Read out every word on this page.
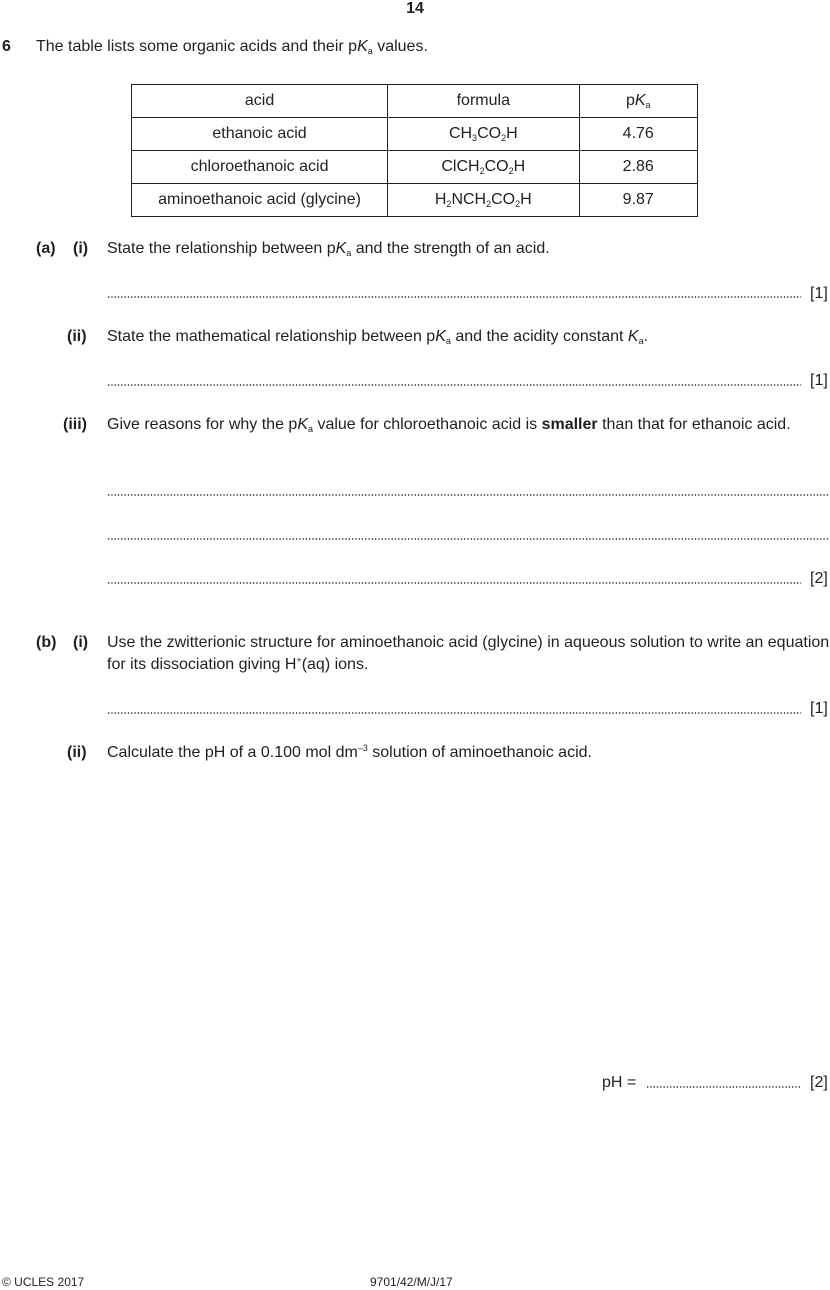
14
6 The table lists some organic acids and their $pK_a$ values.
acid	formula	$pK_a$
ethanoic acid	$CH_3CO_2H$	4.76
chloroethanoic acid	$ClCH_2CO_2H$	2.86
aminoethanoic acid (glycine)	$H_2NCH_2CO_2H$	9.87
(a) (i) State the relationship between $pK_a$ and the strength of an acid.
[1]
(ii) State the mathematical relationship between $pK_a$ and the acidity constant $K_a$.
[1]
(iii) Give reasons for why the $pK_a$ value for chloroethanoic acid is smaller than that for ethanoic acid.
[2]
(b) (i) Use the zwitterionic structure for aminoethanoic acid (glycine) in aqueous solution to write an equation for its dissociation giving H+(aq) ions.
[1]
(ii) Calculate the pH of a 0.100 mol $dm^{-3}$ solution of aminoethanoic acid.
pH =	[2]
© UCLES 2017	9701/42/M/J/17
